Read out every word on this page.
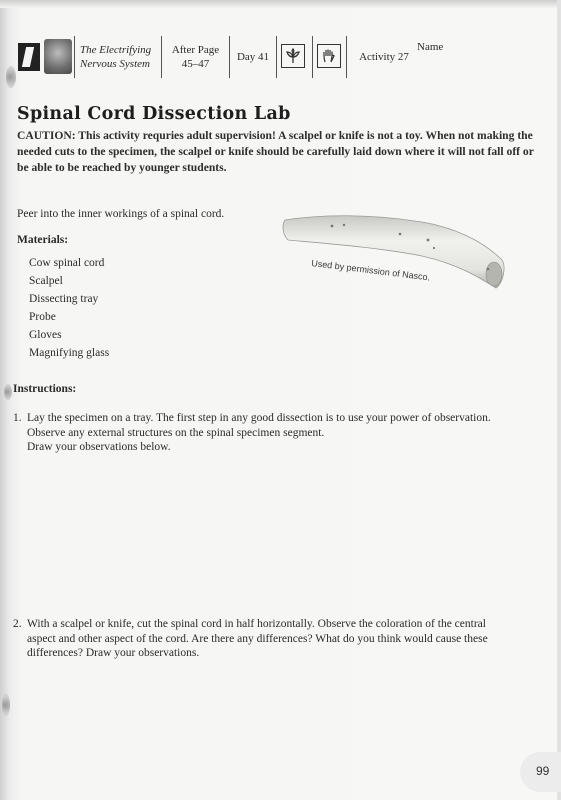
The Electrifying
Nervous System
After Page
45–47
Day 41	Activity 27
Name
Spinal Cord Dissection Lab

CAUTION: This activity requries adult supervision! A scalpel or knife is not a toy. When not making the needed cuts to the specimen, the scalpel or knife should be carefully laid down where it will not fall off or be able to be reached by younger students.

Peer into the inner workings of a spinal cord.
Materials:
Cow spinal cord
Scalpel
Dissecting tray
Probe
Gloves
Magnifying glass
Used by permission of Nasco.
Instructions:
1. Lay the specimen on a tray. The first step in any good dissection is to use your power of observation.
Observe any external structures on the spinal specimen segment.
Draw your observations below.
2. With a scalpel or knife, cut the spinal cord in half horizontally. Observe the coloration of the central
aspect and other aspect of the cord. Are there any differences? What do you think would cause these
differences? Draw your observations.
99
